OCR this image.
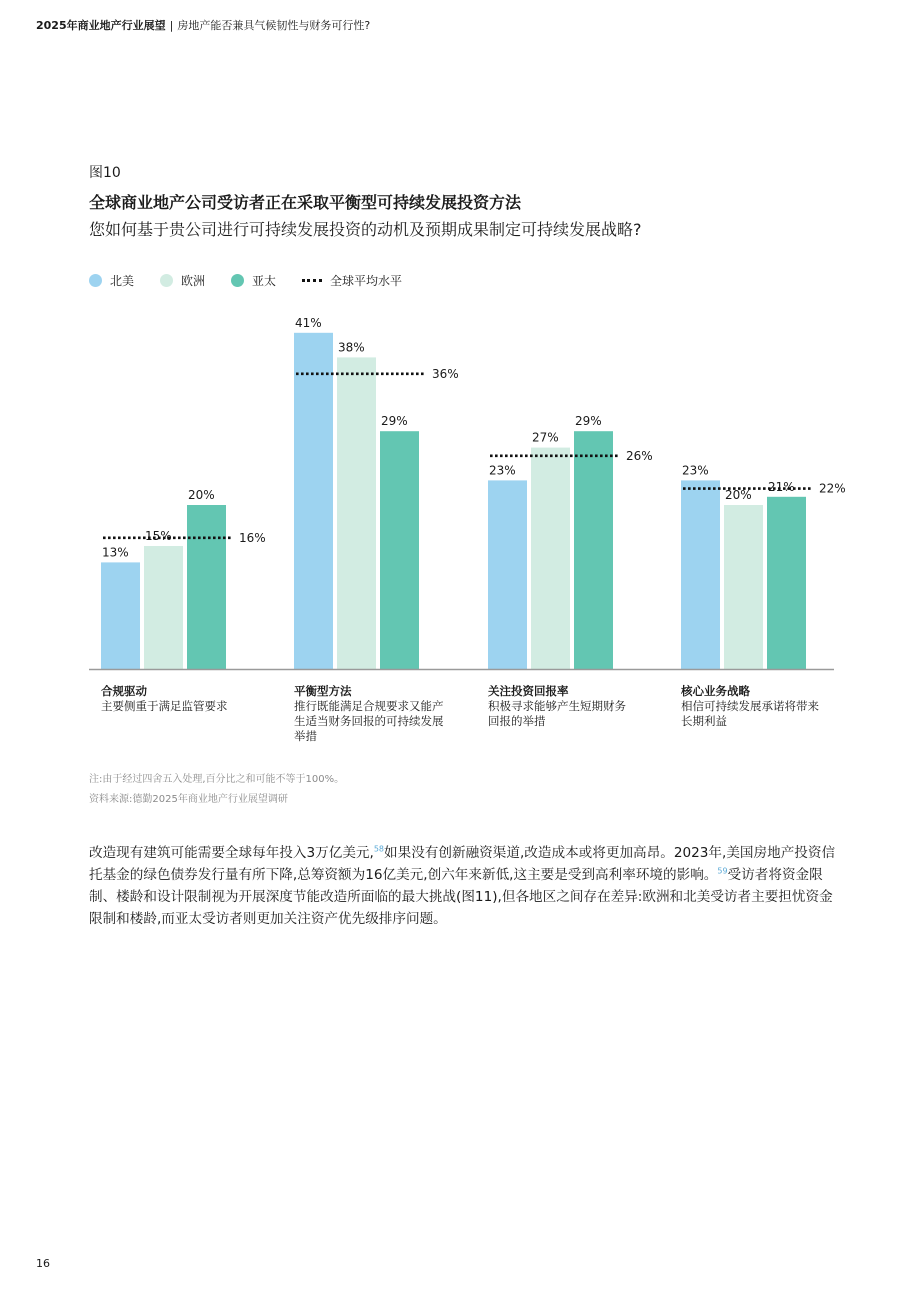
2025年商业地产行业展望 | 房地产能否兼具气候韧性与财务可行性?
图10
全球商业地产公司受访者正在采取平衡型可持续发展投资方法
您如何基于贵公司进行可持续发展投资的动机及预期成果制定可持续发展战略?
北美	欧洲	亚太	全球平均水平
13%
15%
20%
16%
41%
38%
29%
36%
23%
27%
29%
26%
23%
20%
21% 22%
合规驱动
主要侧重于满足监管要求
平衡型方法
推行既能满足合规要求又能产
生适当财务回报的可持续发展
举措
关注投资回报率
积极寻求能够产生短期财务
回报的举措
核心业务战略
相信可持续发展承诺将带来
长期利益
注:由于经过四舍五入处理,百分比之和可能不等于100%。
资料来源:德勤2025年商业地产行业展望调研
改造现有建筑可能需要全球每年投入3万亿美元,$^{58}$如果没有创新融资渠道,改造成本或将更加高昂。2023年,美国房地产投资信托基金的绿色债券发行量有所下降,总筹资额为16亿美元,创六年来新低,这主要是受到高利率环境的影响。$^{59}$受访者将资金限制、楼龄和设计限制视为开展深度节能改造所面临的最大挑战(图11),但各地区之间存在差异:欧洲和北美受访者主要担忧资金限制和楼龄,而亚太受访者则更加关注资产优先级排序问题。
16
